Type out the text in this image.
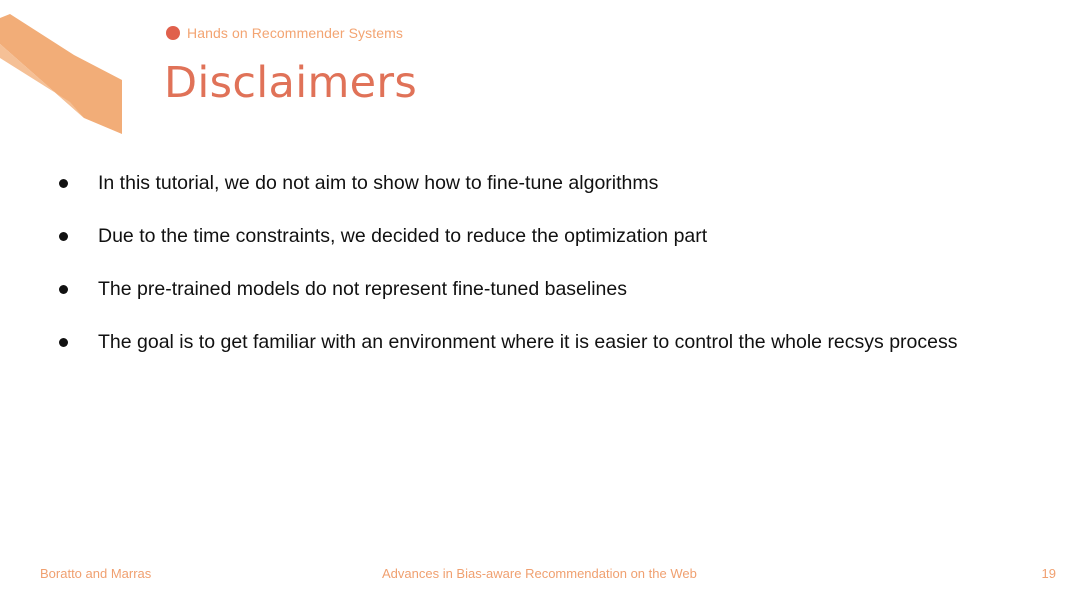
Hands on Recommender Systems
Disclaimers
In this tutorial, we do not aim to show how to fine-tune algorithms
Due to the time constraints, we decided to reduce the optimization part
The pre-trained models do not represent fine-tuned baselines
The goal is to get familiar with an environment where it is easier to control the whole recsys process
Boratto and Marras	Advances in Bias-aware Recommendation on the Web	19
